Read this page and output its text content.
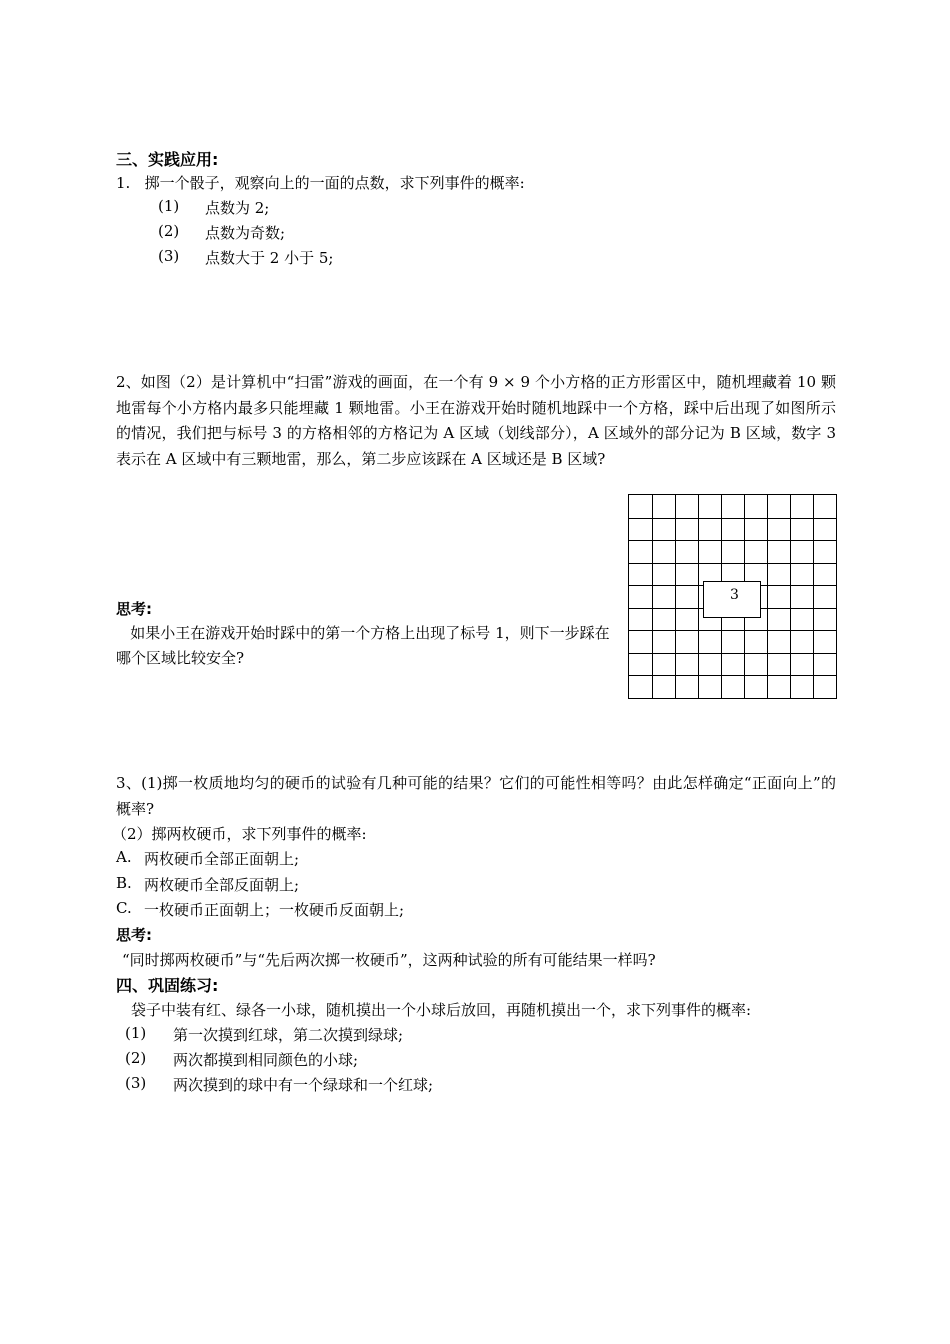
三、实践应用:
1.   掷一个骰子，观察向上的一面的点数，求下列事件的概率:
(1) 点数为 2;
(2) 点数为奇数;
(3) 点数大于 2 小于 5;
2、如图（2）是计算机中“扫雷”游戏的画面，在一个有 9 × 9 个小方格的正方形雷区中，随机埋藏着 10 颗地雷每个小方格内最多只能埋藏 1 颗地雷。小王在游戏开始时随机地踩中一个方格，踩中后出现了如图所示的情况，我们把与标号 3 的方格相邻的方格记为 A 区域（划线部分），A 区域外的部分记为 B 区域，数字 3 表示在 A 区域中有三颗地雷，那么，第二步应该踩在 A 区域还是 B 区域?
3
思考:
如果小王在游戏开始时踩中的第一个方格上出现了标号 1，则下一步踩在哪个区域比较安全?
3、(1)掷一枚质地均匀的硬币的试验有几种可能的结果？它们的可能性相等吗？由此怎样确定“正面向上”的概率?
（2）掷两枚硬币，求下列事件的概率:
A. 两枚硬币全部正面朝上;
B. 两枚硬币全部反面朝上;
C. 一枚硬币正面朝上；一枚硬币反面朝上;
思考:
“同时掷两枚硬币”与“先后两次掷一枚硬币”，这两种试验的所有可能结果一样吗?
四、巩固练习:
袋子中装有红、绿各一小球，随机摸出一个小球后放回，再随机摸出一个，求下列事件的概率:
(1) 第一次摸到红球，第二次摸到绿球;
(2) 两次都摸到相同颜色的小球;
(3) 两次摸到的球中有一个绿球和一个红球;
